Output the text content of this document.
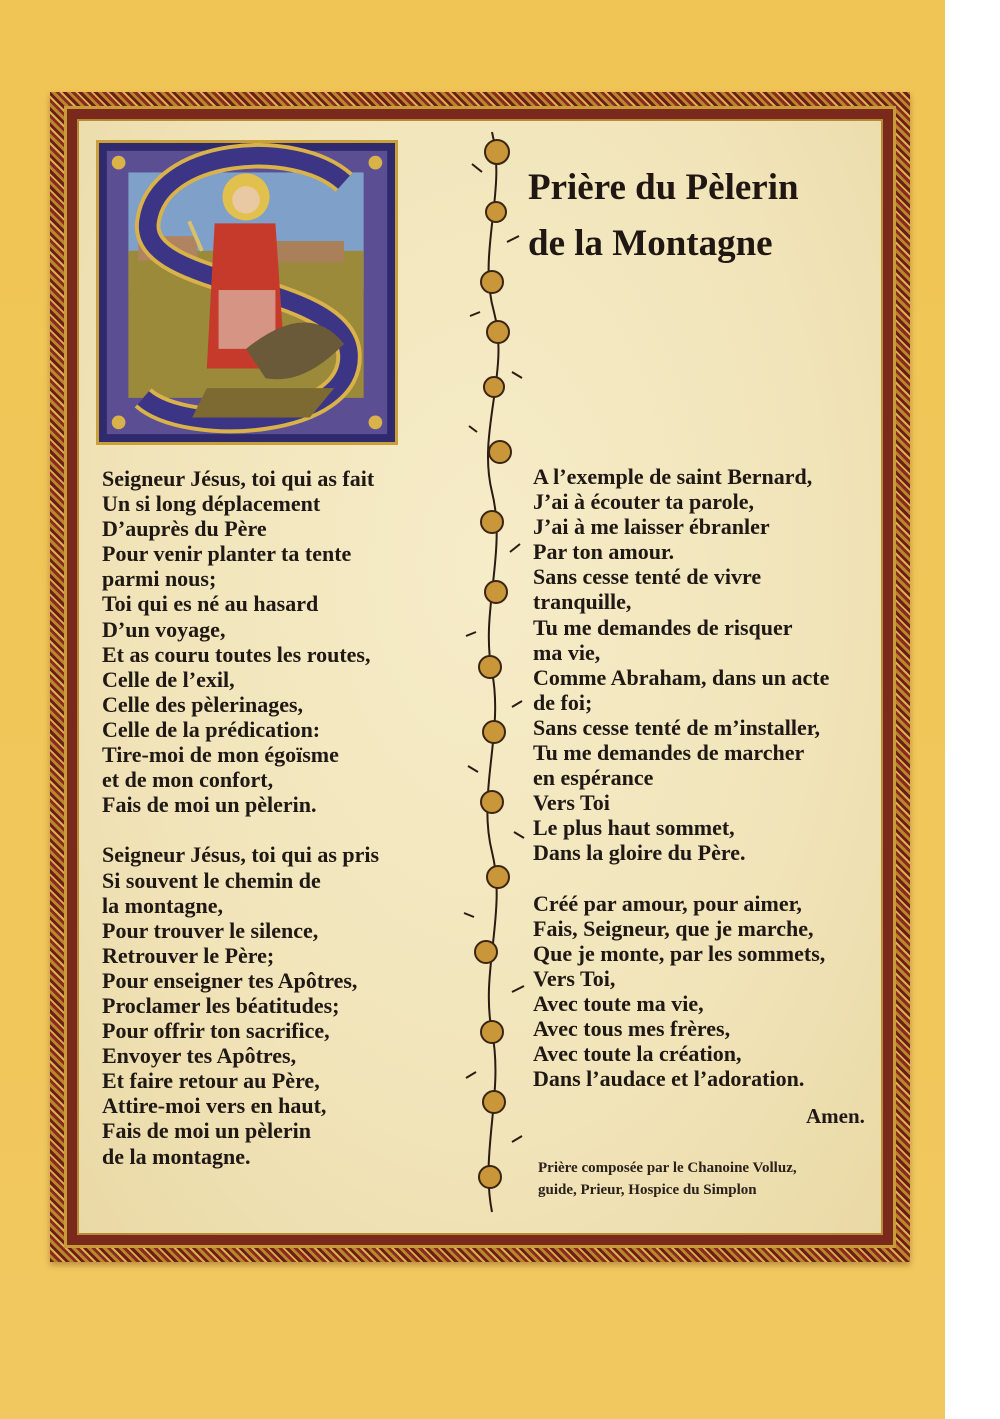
Prière du Pèlerin
de la Montagne
Seigneur Jésus, toi qui as fait
Un si long déplacement
D’auprès du Père
Pour venir planter ta tente
parmi nous;
Toi qui es né au hasard
D’un voyage,
Et as couru toutes les routes,
Celle de l’exil,
Celle des pèlerinages,
Celle de la prédication:
Tire-moi de mon égoïsme
et de mon confort,
Fais de moi un pèlerin.
Seigneur Jésus, toi qui as pris
Si souvent le chemin de
la montagne,
Pour trouver le silence,
Retrouver le Père;
Pour enseigner tes Apôtres,
Proclamer les béatitudes;
Pour offrir ton sacrifice,
Envoyer tes Apôtres,
Et faire retour au Père,
Attire-moi vers en haut,
Fais de moi un pèlerin
de la montagne.
A l’exemple de saint Bernard,
J’ai à écouter ta parole,
J’ai à me laisser ébranler
Par ton amour.
Sans cesse tenté de vivre
tranquille,
Tu me demandes de risquer
ma vie,
Comme Abraham, dans un acte
de foi;
Sans cesse tenté de m’installer,
Tu me demandes de marcher
en espérance
Vers Toi
Le plus haut sommet,
Dans la gloire du Père.
Créé par amour, pour aimer,
Fais, Seigneur, que je marche,
Que je monte, par les sommets,
Vers Toi,
Avec toute ma vie,
Avec tous mes frères,
Avec toute la création,
Dans l’audace et l’adoration.
Amen.
Prière composée par le Chanoine Volluz,
guide, Prieur, Hospice du Simplon
